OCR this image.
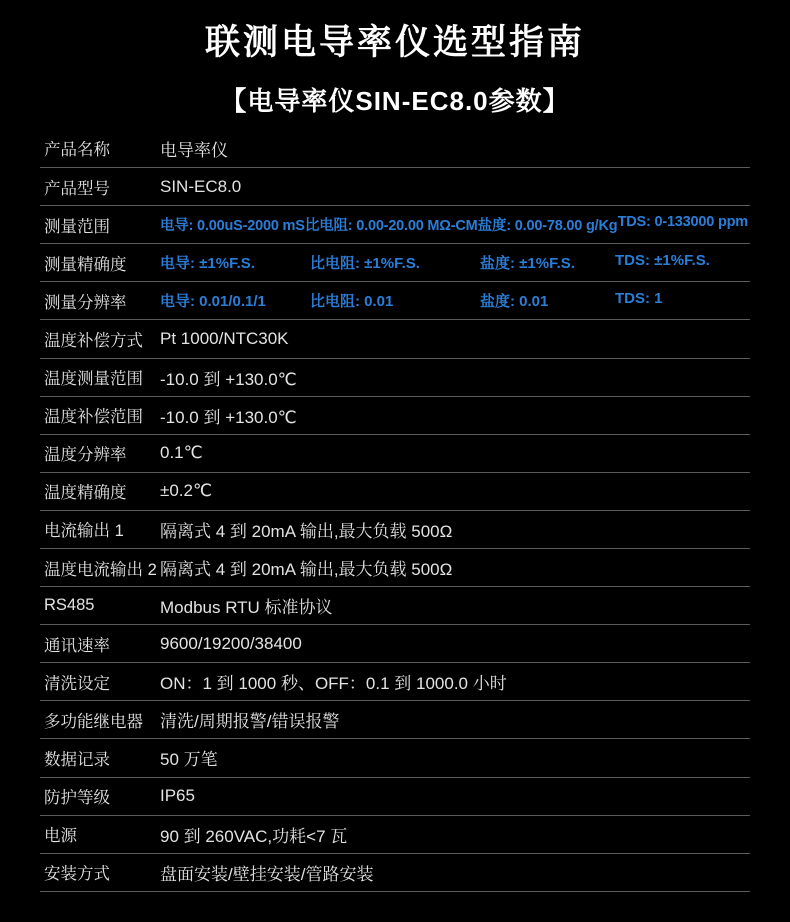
联测电导率仪选型指南
【电导率仪SIN-EC8.0参数】
产品名称	电导率仪
产品型号	SIN-EC8.0
测量范围	电导: 0.00uS-2000 mS 比电阻: 0.00-20.00 MΩ-CM 盐度: 0.00-78.00 g/Kg TDS: 0-133000 ppm
测量精确度	电导: ±1%F.S.	比电阻: ±1%F.S.	盐度: ±1%F.S.	TDS: ±1%F.S.
测量分辨率	电导: 0.01/0.1/1	比电阻: 0.01	盐度: 0.01	TDS: 1
温度补偿方式	Pt 1000/NTC30K
温度测量范围	-10.0 到 +130.0℃
温度补偿范围	-10.0 到 +130.0℃
温度分辨率	0.1℃
温度精确度	±0.2℃
电流输出 1	隔离式 4 到 20mA 输出,最大负载 500Ω
温度电流输出 2 隔离式 4 到 20mA 输出,最大负载 500Ω
RS485	Modbus RTU 标准协议
通讯速率	9600/19200/38400
清洗设定	ON：1 到 1000 秒、OFF：0.1 到 1000.0 小时
多功能继电器	清洗/周期报警/错误报警
数据记录	50 万笔
防护等级	IP65
电源	90 到 260VAC,功耗<7 瓦
安装方式	盘面安装/壁挂安装/管路安装
